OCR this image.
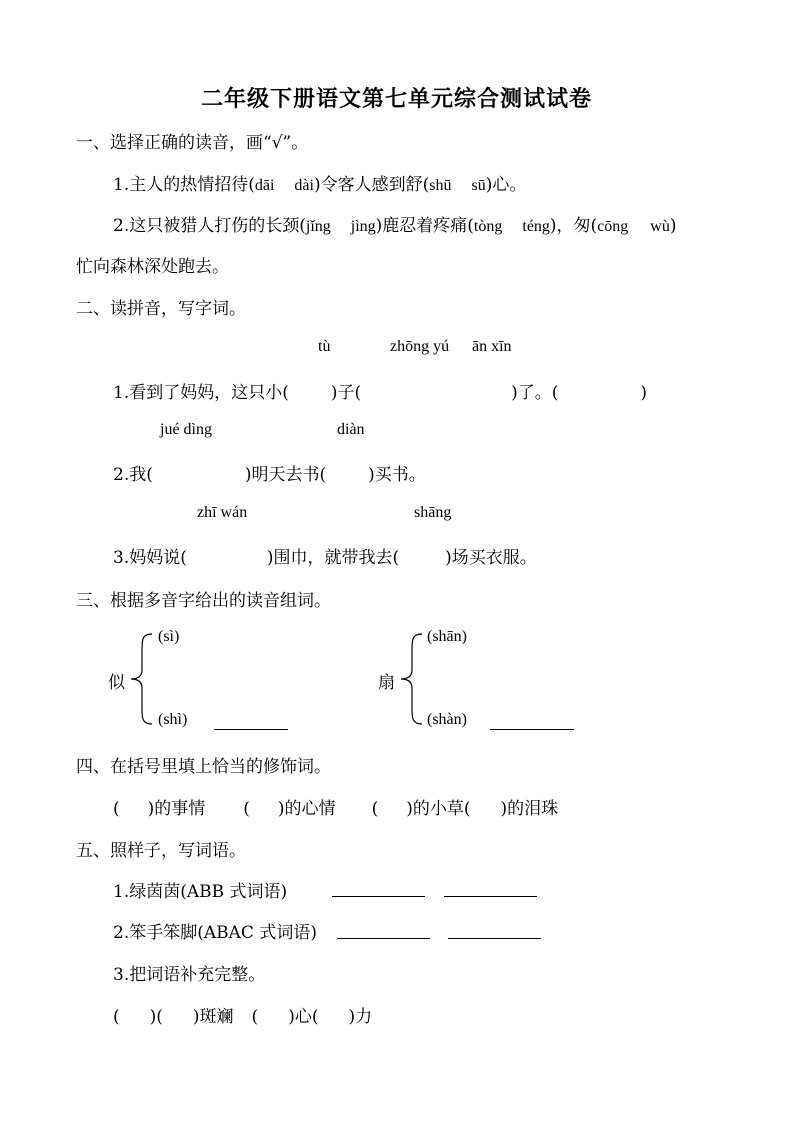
二年级下册语文第七单元综合测试试卷
一、选择正确的读音，画“√”。
1.主人的热情招待(dāi dài)令客人感到舒(shū sū)心。
2.这只被猎人打伤的长颈(jǐng jìng)鹿忍着疼痛(tòng téng)，匆(cōng wù)
忙向森林深处跑去。
二、读拼音，写字词。
tù	zhōng yú ān xīn
1.看到了妈妈，这只小( )子(	)了。(	)
jué dìng	diàn
2.我(	)明天去书( )买书。
zhī wán	shāng
3.妈妈说(	)围巾，就带我去(	)场买衣服。
三、根据多音字给出的读音组词。
似
(sì)
(shì)
扇
(shān)
(shàn)
四、在括号里填上恰当的修饰词。
( )的事情 ( )的心情 ( )的小草( )的泪珠
五、照样子，写词语。
1.绿茵茵(ABB 式词语)
2.笨手笨脚(ABAC 式词语)
3.把词语补充完整。
( )( )斑斓 ( )心( )力
